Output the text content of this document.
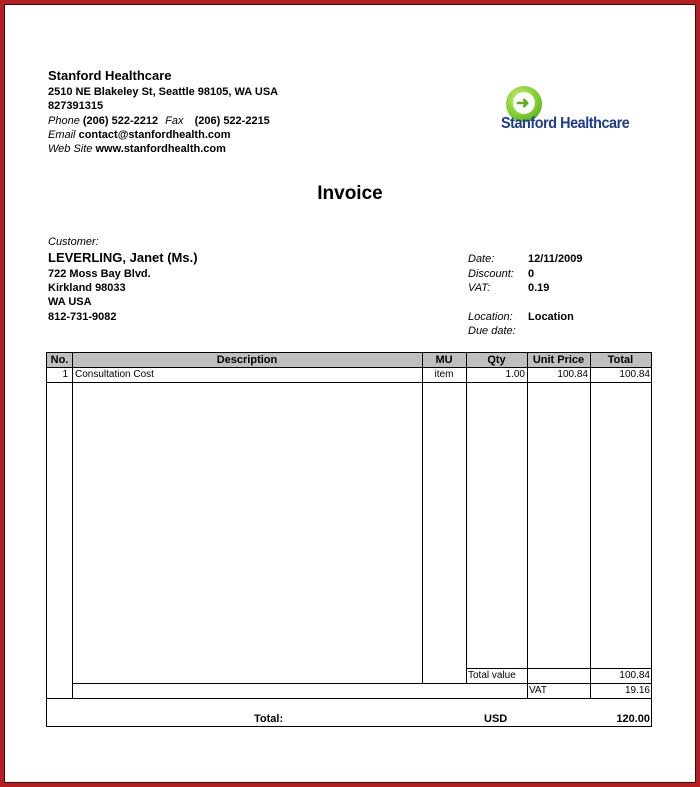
Stanford Healthcare
2510 NE Blakeley St, Seattle 98105, WA USA
827391315
Phone (206) 522-2212 Fax (206) 522-2215
Email contact@stanfordhealth.com
Web Site www.stanfordhealth.com
➜
Stanford Healthcare
Invoice
Customer:
LEVERLING, Janet (Ms.)
722 Moss Bay Blvd.
Kirkland 98033
WA USA
812-731-9082
Date:	12/11/2009
Discount: 0
VAT:	0.19
Location: Location
Due date:
No.	Description	MU	Qty	Unit Price	Total
1 Consultation Cost	item	1.00	100.84	100.84
Total value	100.84
VAT	19.16
Total:	USD	120.00
